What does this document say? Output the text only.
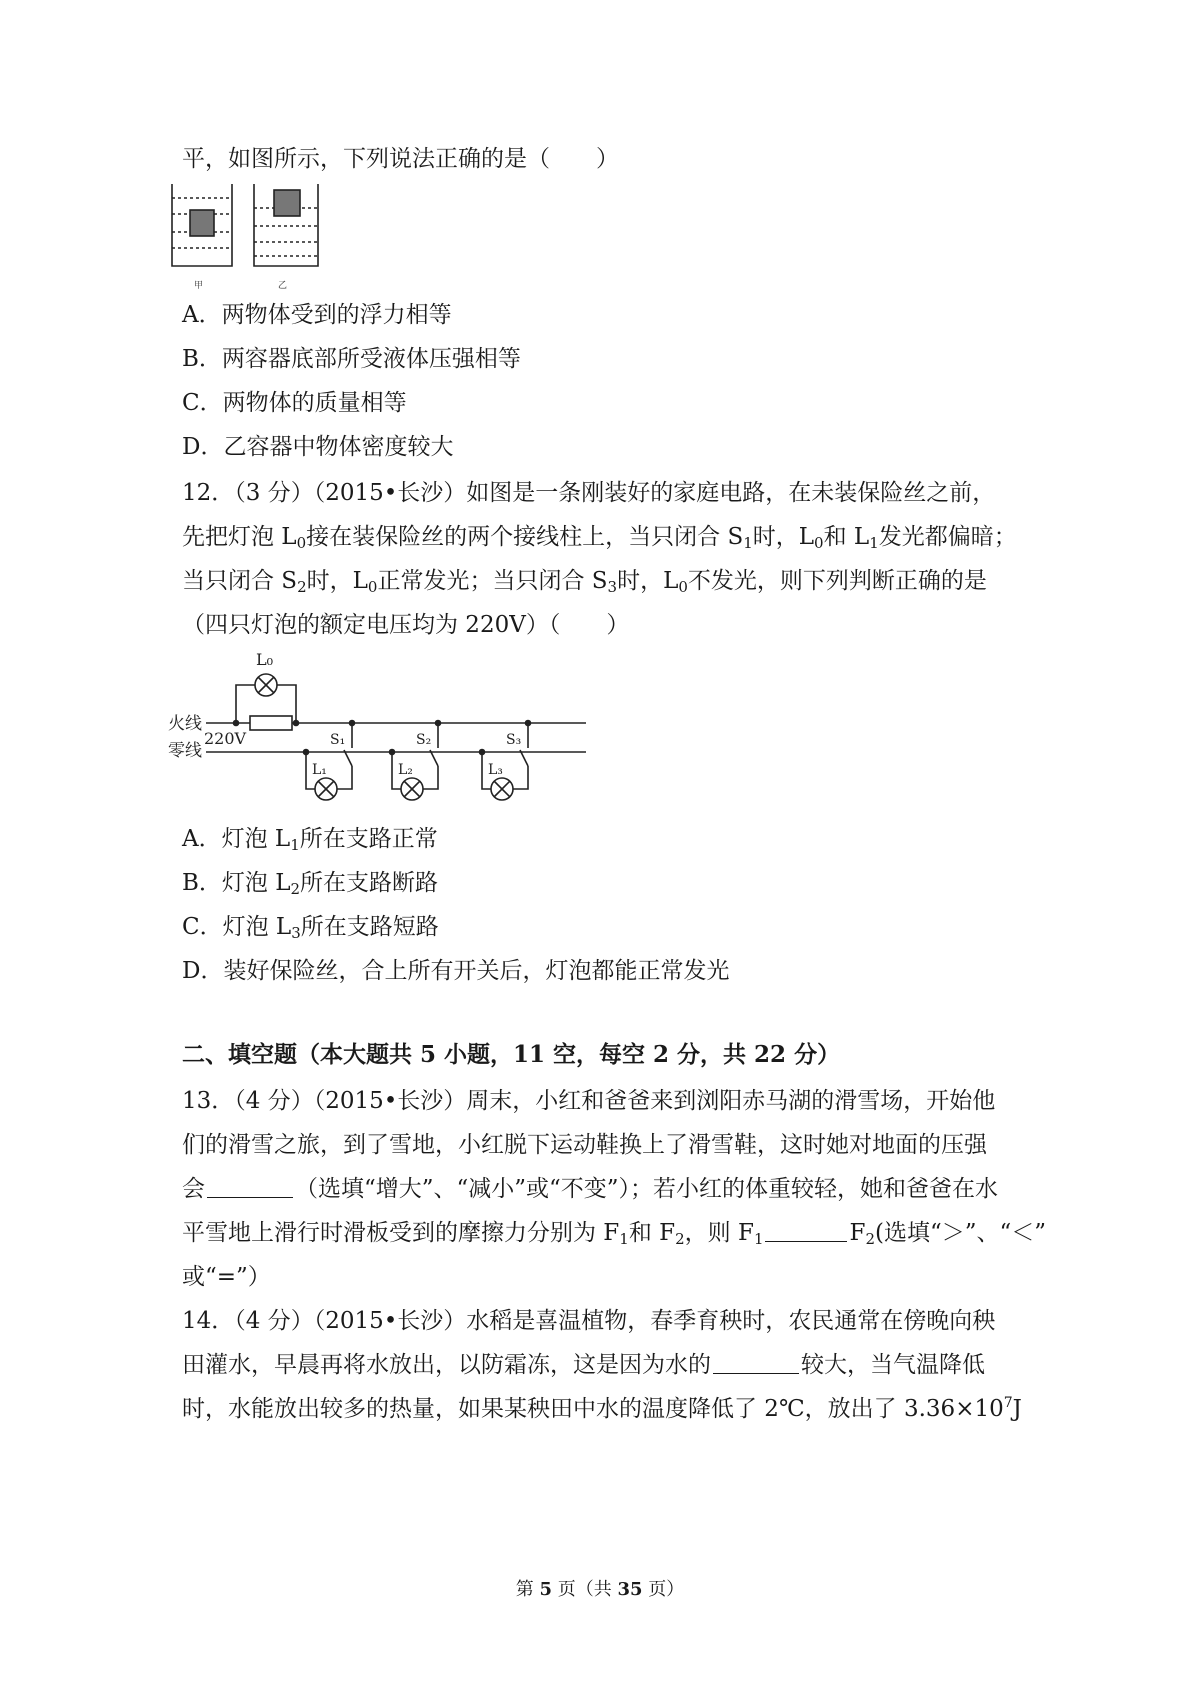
平，如图所示，下列说法正确的是（　　）
甲	乙
A．两物体受到的浮力相等
B．两容器底部所受液体压强相等
C．两物体的质量相等
D．乙容器中物体密度较大
12．（3 分）（2015•长沙）如图是一条刚装好的家庭电路，在未装保险丝之前，
先把灯泡 $L_0$接在装保险丝的两个接线柱上，当只闭合 $S_1$时，$L_0$和 $L_1$发光都偏暗；
当只闭合 $S_2$时，$L_0$正常发光；当只闭合 $S_3$时，$L_0$不发光，则下列判断正确的是
（四只灯泡的额定电压均为 220V）（　　）
L₀
火线
零线
220V	S₁	S₂	S₃
L₁	L₂	L₃
A．灯泡 $L_1$所在支路正常
B．灯泡 $L_2$所在支路断路
C．灯泡 $L_3$所在支路短路
D．装好保险丝，合上所有开关后，灯泡都能正常发光
二、填空题（本大题共 5 小题，11 空，每空 2 分，共 22 分）
13．（4 分）（2015•长沙）周末，小红和爸爸来到浏阳赤马湖的滑雪场，开始他
们的滑雪之旅，到了雪地，小红脱下运动鞋换上了滑雪鞋，这时她对地面的压强
会	（选填“增大”、“减小”或“不变”）；若小红的体重较轻，她和爸爸在水
平雪地上滑行时滑板受到的摩擦力分别为 $F_1$和 $F_2$，则 $F_1$	$F_2$(选填“＞”、“＜”
或“=”）
14．（4 分）（2015•长沙）水稻是喜温植物，春季育秧时，农民通常在傍晚向秧
田灌水，早晨再将水放出，以防霜冻，这是因为水的	较大，当气温降低
时，水能放出较多的热量，如果某秧田中水的温度降低了 2℃，放出了 $3.36\times 10^7J$
第 5 页（共 35 页）
